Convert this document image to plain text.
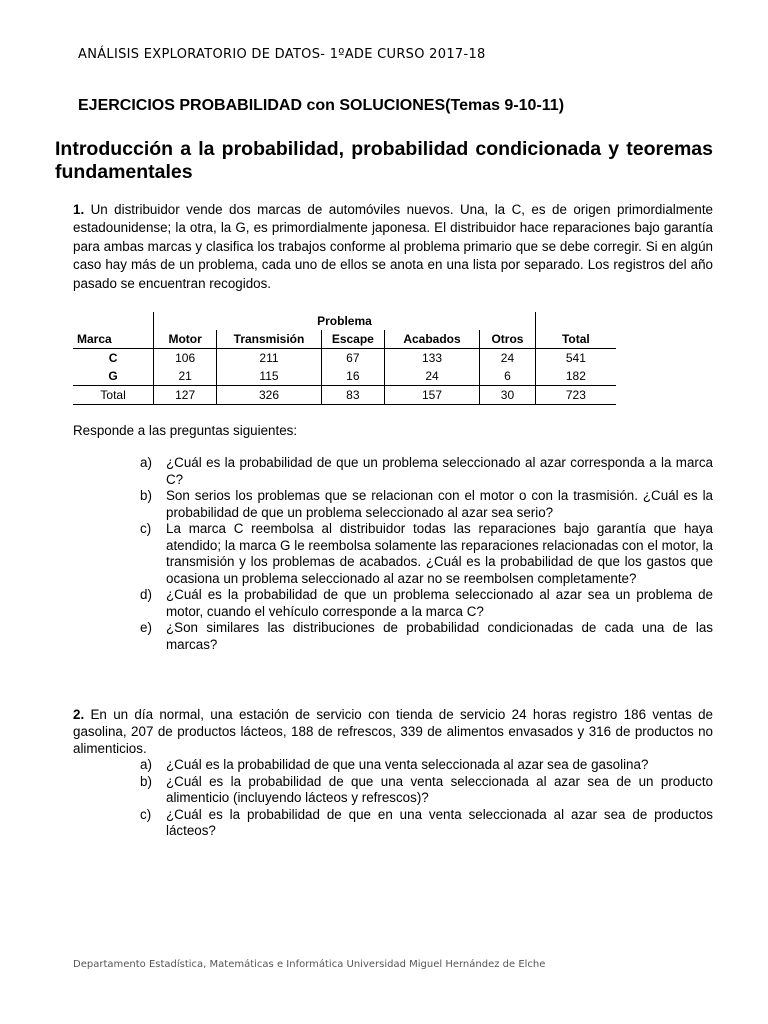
ANÁLISIS EXPLORATORIO DE DATOS- 1ºADE CURSO 2017-18
EJERCICIOS PROBABILIDAD con SOLUCIONES(Temas 9-10-11)
Introducción a la probabilidad, probabilidad condicionada y teoremas fundamentales
1. Un distribuidor vende dos marcas de automóviles nuevos. Una, la C, es de origen primordialmente estadounidense; la otra, la G, es primordialmente japonesa. El distribuidor hace reparaciones bajo garantía para ambas marcas y clasifica los trabajos conforme al problema primario que se debe corregir. Si en algún caso hay más de un problema, cada uno de ellos se anota en una lista por separado. Los registros del año pasado se encuentran recogidos.
	Problema					
Marca	Motor	Transmisión	Escape	Acabados	Otros	Total
C	106	211	67	133	24	541
G	21	115	16	24	6	182
Total	127	326	83	157	30	723
Responde a las preguntas siguientes:
a) ¿Cuál es la probabilidad de que un problema seleccionado al azar corresponda a la marca C?
b) Son serios los problemas que se relacionan con el motor o con la trasmisión. ¿Cuál es la probabilidad de que un problema seleccionado al azar sea serio?
c) La marca C reembolsa al distribuidor todas las reparaciones bajo garantía que haya atendido; la marca G le reembolsa solamente las reparaciones relacionadas con el motor, la transmisión y los problemas de acabados. ¿Cuál es la probabilidad de que los gastos que ocasiona un problema seleccionado al azar no se reembolsen completamente?
d) ¿Cuál es la probabilidad de que un problema seleccionado al azar sea un problema de motor, cuando el vehículo corresponde a la marca C?
e) ¿Son similares las distribuciones de probabilidad condicionadas de cada una de las marcas?
2. En un día normal, una estación de servicio con tienda de servicio 24 horas registro 186 ventas de gasolina, 207 de productos lácteos, 188 de refrescos, 339 de alimentos envasados y 316 de productos no alimenticios.
a) ¿Cuál es la probabilidad de que una venta seleccionada al azar sea de gasolina?
b) ¿Cuál es la probabilidad de que una venta seleccionada al azar sea de un producto alimenticio (incluyendo lácteos y refrescos)?
c) ¿Cuál es la probabilidad de que en una venta seleccionada al azar sea de productos lácteos?
Departamento Estadística, Matemáticas e Informática Universidad Miguel Hernández de Elche
